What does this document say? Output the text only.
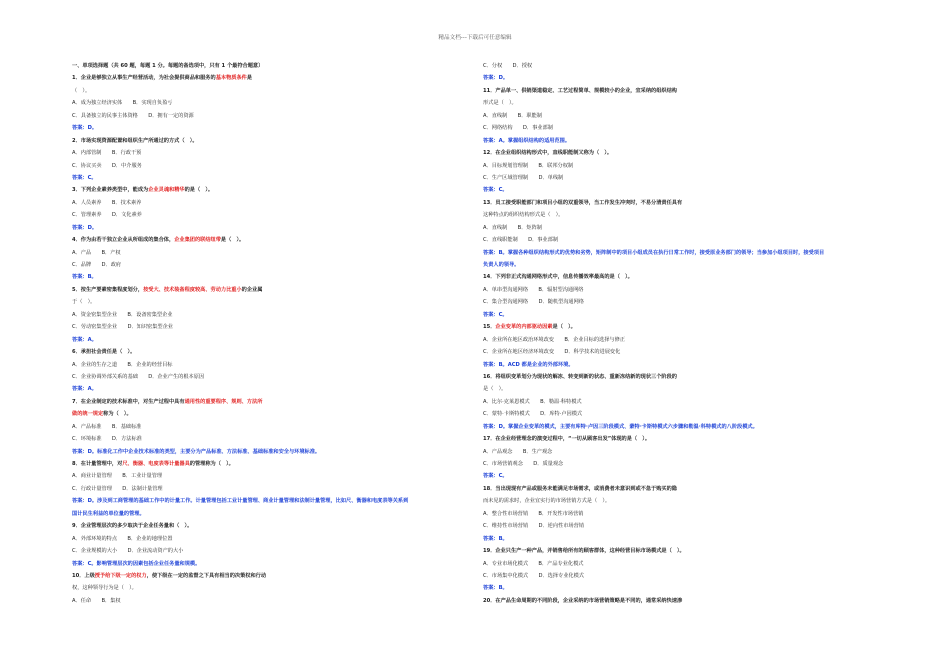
精品文档---下载后可任意编辑
一、单项选择题（共 60 题，每题 1 分。每题的备选项中，只有 1 个最符合题意）
1．企业是够独立从事生产经营活动，为社会提供商品和服务的基本物质条件是
（　）。
A．成为独立经济实体　　B．实现自负盈亏
C．具备独立的民事主体资格　　D．拥有一定的资源
答案：D。
2．市场实现资源配置和组织生产所通过的方式（　）。
A．内部管制　　B．行政干预
C．协议买卖　　D．中介服务
答案：C。
3．下列企业素养类型中，能成为企业灵魂和精华的是（　）。
A．人员素养　　B．技术素养
C．管理素养　　D．文化素养
答案：D。
4．作为由若干独立企业从所组成的集合体，企业集团的联结纽带是（　）。
A．产品　　B．产权
C．品牌　　D．政府
答案：B。
5．按生产要素密集程度划分，按受大、技术装备程度较高、劳动力比重小的企业属
于（　）。
A．资金密集型企业　　B．设备密集型企业
C．劳动密集型企业　　D．知识密集型企业
答案：A。
6．承担社会责任是（　）。
A．企业的生存之道　　B．企业的经营目标
C．企业协调外部关系的基础　　D．企业产生的根本原因
答案：A。
7．在企业制定的技术标准中，对生产过程中具有通用性的重要程序、规则、方法所
做的统一规定称为（　）。
A．产品标准　　B．基础标准
C．环境标准　　D．方法标准
答案：D。标准化工作中企业技术标准的类型，主要分为产品标准、方法标准、基础标准和安全与环境标准。
8．在计量管理中，对尺、衡器、电度表等计量器具的管理称为（　）。
A．商业计量管理　　B．工业计量管理
C．行政计量管理　　D．法制计量管理
答案：D。涉及到工商管理的基础工作中的计量工作。计量管理包括工业计量管理、商业计量管理和法制计量管理，比如尺、衡器和电度表等关系到
国计民生利益的单位量的管理。
9．企业管理层次的多少取决于企业任务量和（　）。
A．外部环境的特点　　B．企业的地理位置
C．企业规模的大小　　D．企业流动资产的大小
答案：C。影响管理层次的因素包括企业任务量和规模。
10．上级授予给下级一定的权力，使下级在一定的监督之下具有相当的决策权和行动
权，这种领导行为是（　）。
A．任命　　B．集权
C．分权　　D．授权
答案：D。
11．产品单一、供销渠道稳定、工艺过程简单、规模较小的企业，宜采纳的组织结构
形式是（　）。
A．直线制　　B．职能制
C．网络结构　　D．事业部制
答案：A。掌握组织结构的适用范围。
12．在企业组织结构形式中，直线职能制又称为（　）。
A．目标规划管理制　　B．联邦分权制
C．生产区域管理制　　D．单线制
答案：C。
13．员工接受职能部门和项目小组的双重领导，当工作发生冲突时，不易分清责任具有
这种特点的组织结构形式是（　）。
A．直线制　　B．矩阵制
C．直线职能制　　D．事业部制
答案：B。掌握各种组织结构形式的优势和劣势，矩阵制中的项目小组成员在执行日常工作时，接受原业务部门的领导；当参加小组项目时，接受项目
负责人的领导。
14．下列非正式沟通网络形式中，信息传播效率最高的是（　）。
A．单串型沟通网络　　B．辐射型沟通网络
C．集合型沟通网络　　D．随机型沟通网络
答案：C。
15．企业变革的内部驱动因素是（　）。
A．企业所在地区政治环境改变　　B．企业目标的选择与修正
C．企业所在地区经济环境改变　　D．科学技术的进展变化
答案：B。ACD 都是企业的外部环境。
16．将组织变革划分为现状的解冻、转变到新的状态、重新冻结新的现状三个阶段的
是（　）。
A．比尔·克莱恩模式　　B．勒温·科特模式
C．蒙特·卡斯特模式　　D．库特·卢因模式
答案：D。掌握企业变革的模式，主要有库特·卢因三阶段模式、蒙特·卡斯特模式六步骤和勒温·科特模式的八阶段模式。
17．在企业经营理念的演变过程中，“一切从顾客出发”体现的是（　）。
A．产品观念　　B．生产观念
C．市场营销观念　　D．质量观念
答案：C。
18．当出现现有产品或服务未能满足市场需求，或消费者未意识到或不急于购买的隐
而未见的需求时，企业宜实行的市场营销方式是（　）。
A．整合性市场营销　　B．开发性市场营销
C．维持性市场营销　　D．逆向性市场营销
答案：B。
19．企业只生产一种产品，并销售给所有的顾客群体，这种经营目标市场模式是（　）。
A．专业市场化模式　　B．产品专业化模式
C．市场集中化模式　　D．选择专业化模式
答案：B。
20．在产品生命周期的不同阶段，企业采纳的市场营销策略是不同的，通常采纳快速渗
